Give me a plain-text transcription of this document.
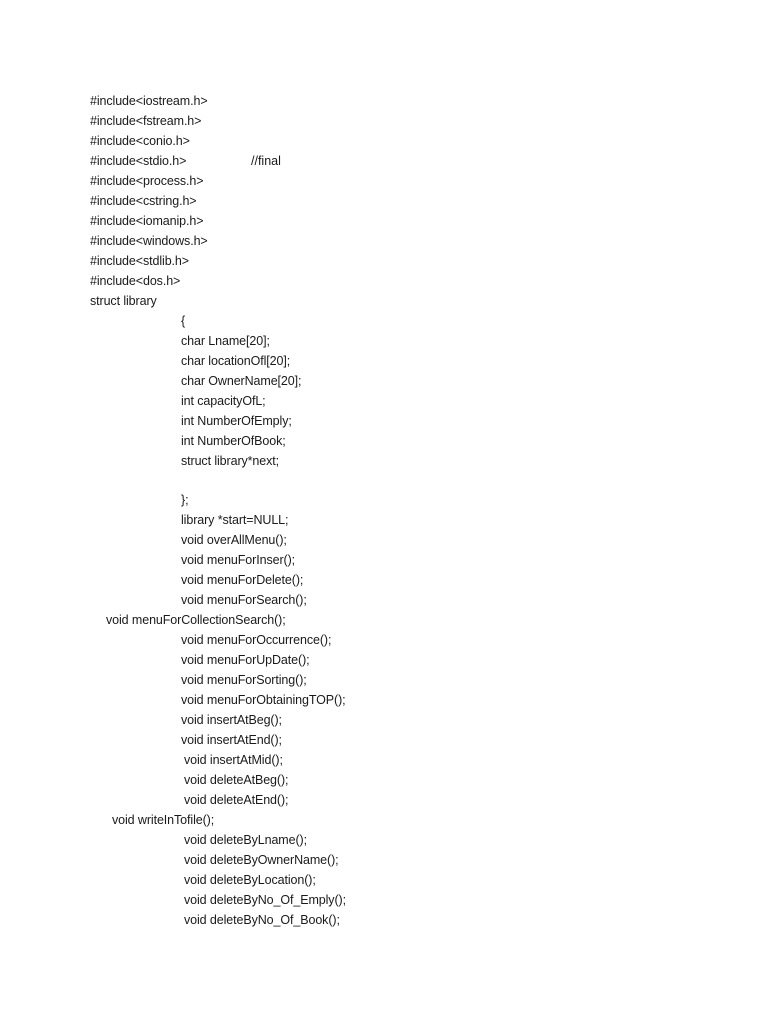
#include<iostream.h>
#include<fstream.h>
#include<conio.h>
#include<stdio.h>	//final
#include<process.h>
#include<cstring.h>
#include<iomanip.h>
#include<windows.h>
#include<stdlib.h>
#include<dos.h>
struct library
{
char Lname[20];
char locationOfl[20];
char OwnerName[20];
int capacityOfL;
int NumberOfEmply;
int NumberOfBook;
struct library*next;
};
library *start=NULL;
void overAllMenu();
void menuForInser();
void menuForDelete();
void menuForSearch();
void menuForCollectionSearch();
void menuForOccurrence();
void menuForUpDate();
void menuForSorting();
void menuForObtainingTOP();
void insertAtBeg();
void insertAtEnd();
void insertAtMid();
void deleteAtBeg();
void deleteAtEnd();
void writeInTofile();
void deleteByLname();
void deleteByOwnerName();
void deleteByLocation();
void deleteByNo_Of_Emply();
void deleteByNo_Of_Book();
